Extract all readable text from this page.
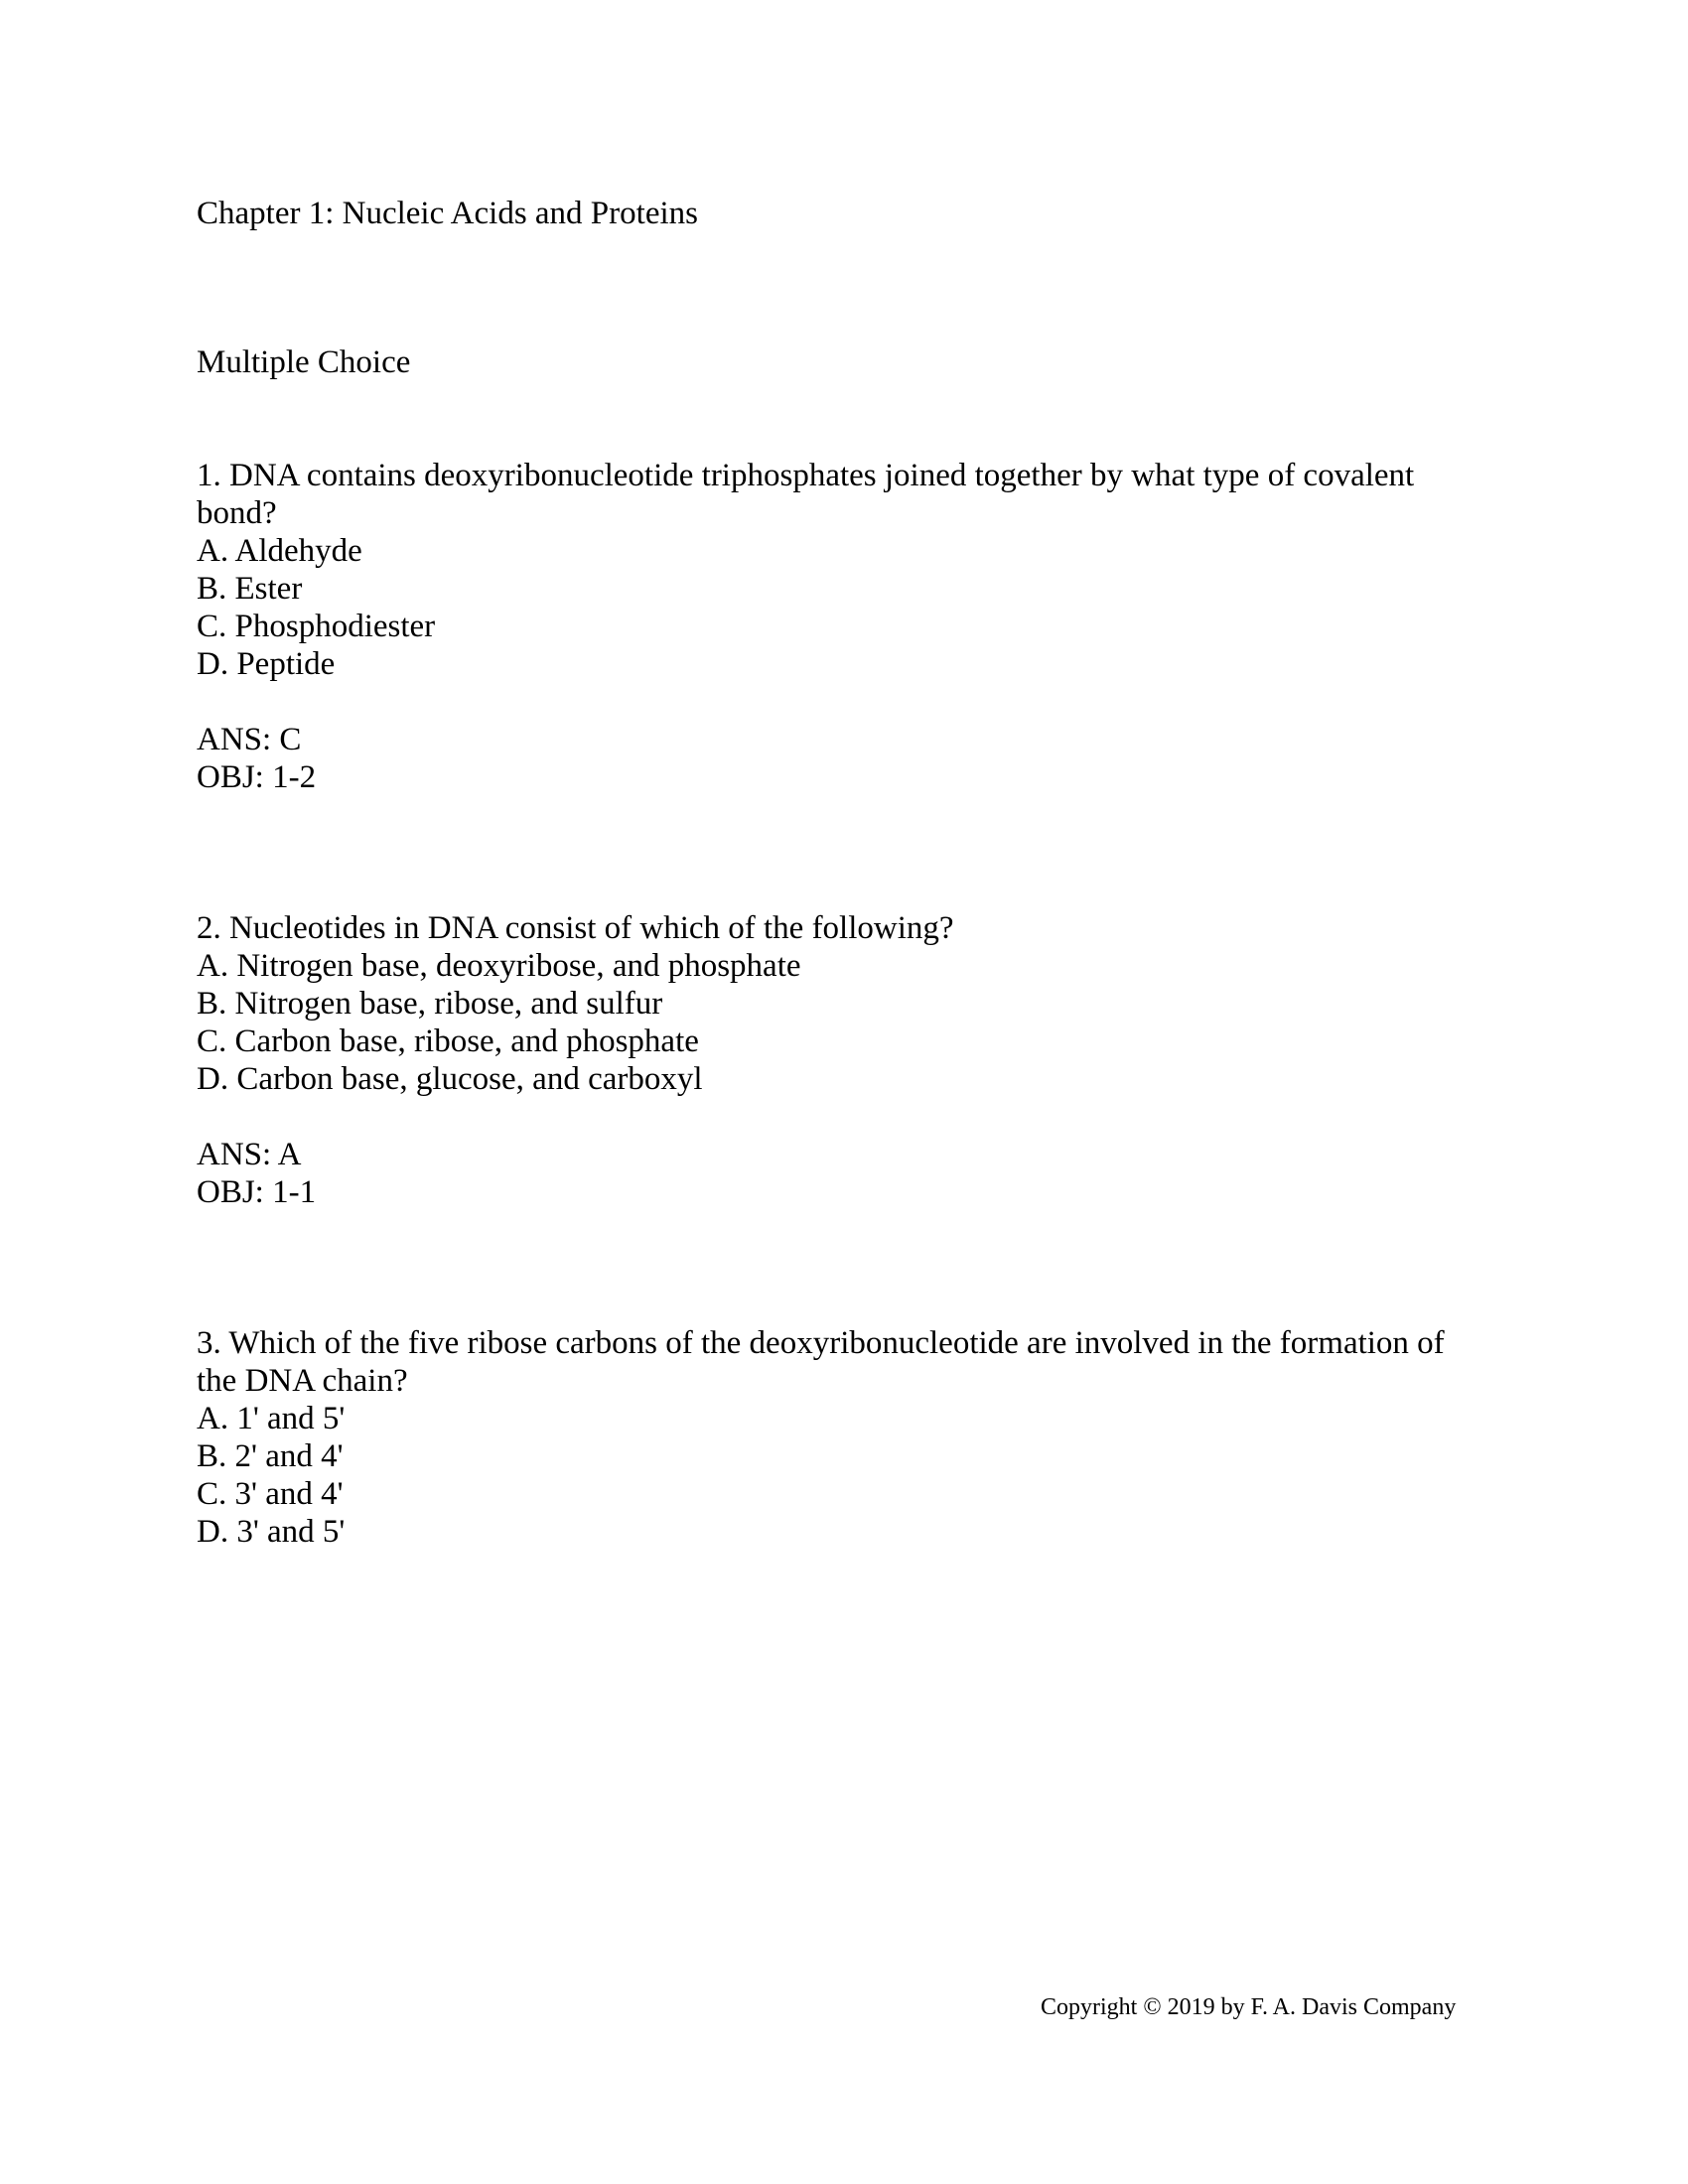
Chapter 1: Nucleic Acids and Proteins
Multiple Choice

1. DNA contains deoxyribonucleotide triphosphates joined together by what type of covalent bond?

A. Aldehyde
B. Ester
C. Phosphodiester
D. Peptide
ANS: C
OBJ: 1-2

2. Nucleotides in DNA consist of which of the following?

A. Nitrogen base, deoxyribose, and phosphate
B. Nitrogen base, ribose, and sulfur
C. Carbon base, ribose, and phosphate
D. Carbon base, glucose, and carboxyl
ANS: A
OBJ: 1-1

3. Which of the five ribose carbons of the deoxyribonucleotide are involved in the formation of the DNA chain?

A. 1' and 5'
B. 2' and 4'
C. 3' and 4'
D. 3' and 5'
Copyright © 2019 by F. A. Davis Company
